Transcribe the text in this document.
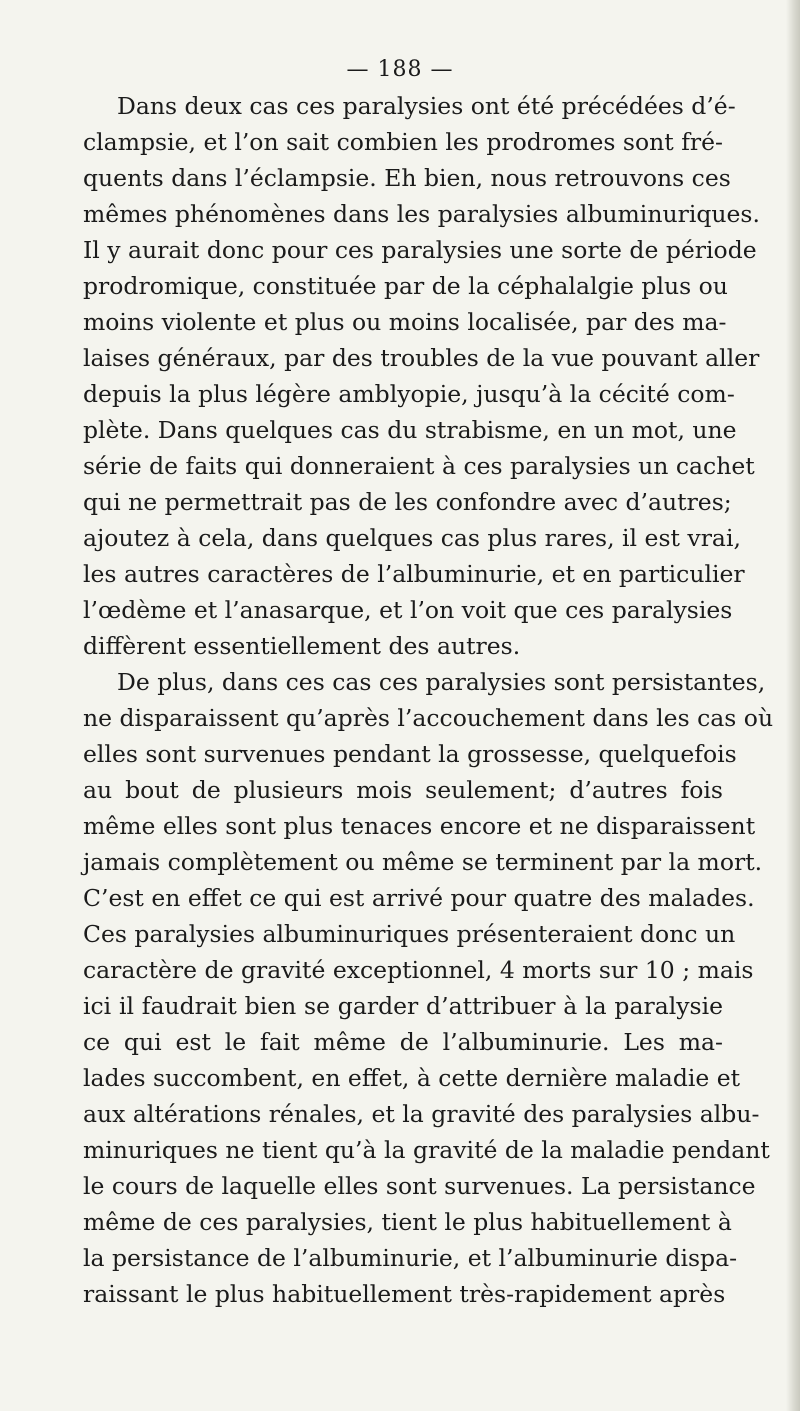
— 188 —
Dans deux cas ces paralysies ont été précédées d’é-
clampsie, et l’on sait combien les prodromes sont fré-
quents dans l’éclampsie. Eh bien, nous retrouvons ces
mêmes phénomènes dans les paralysies albuminuriques.
Il y aurait donc pour ces paralysies une sorte de période
prodromique, constituée par de la céphalalgie plus ou
moins violente et plus ou moins localisée, par des ma-
laises généraux, par des troubles de la vue pouvant aller
depuis la plus légère amblyopie, jusqu’à la cécité com-
plète. Dans quelques cas du strabisme, en un mot, une
série de faits qui donneraient à ces paralysies un cachet
qui ne permettrait pas de les confondre avec d’autres;
ajoutez à cela, dans quelques cas plus rares, il est vrai,
les autres caractères de l’albuminurie, et en particulier
l’œdème et l’anasarque, et l’on voit que ces paralysies
diffèrent essentiellement des autres.
De plus, dans ces cas ces paralysies sont persistantes,
ne disparaissent qu’après l’accouchement dans les cas où
elles sont survenues pendant la grossesse, quelquefois
au bout de plusieurs mois seulement; d’autres fois
même elles sont plus tenaces encore et ne disparaissent
jamais complètement ou même se terminent par la mort.
C’est en effet ce qui est arrivé pour quatre des malades.
Ces paralysies albuminuriques présenteraient donc un
caractère de gravité exceptionnel, 4 morts sur 10 ; mais
ici il faudrait bien se garder d’attribuer à la paralysie
ce qui est le fait même de l’albuminurie. Les ma-
lades succombent, en effet, à cette dernière maladie et
aux altérations rénales, et la gravité des paralysies albu-
minuriques ne tient qu’à la gravité de la maladie pendant
le cours de laquelle elles sont survenues. La persistance
même de ces paralysies, tient le plus habituellement à
la persistance de l’albuminurie, et l’albuminurie dispa-
raissant le plus habituellement très-rapidement après
